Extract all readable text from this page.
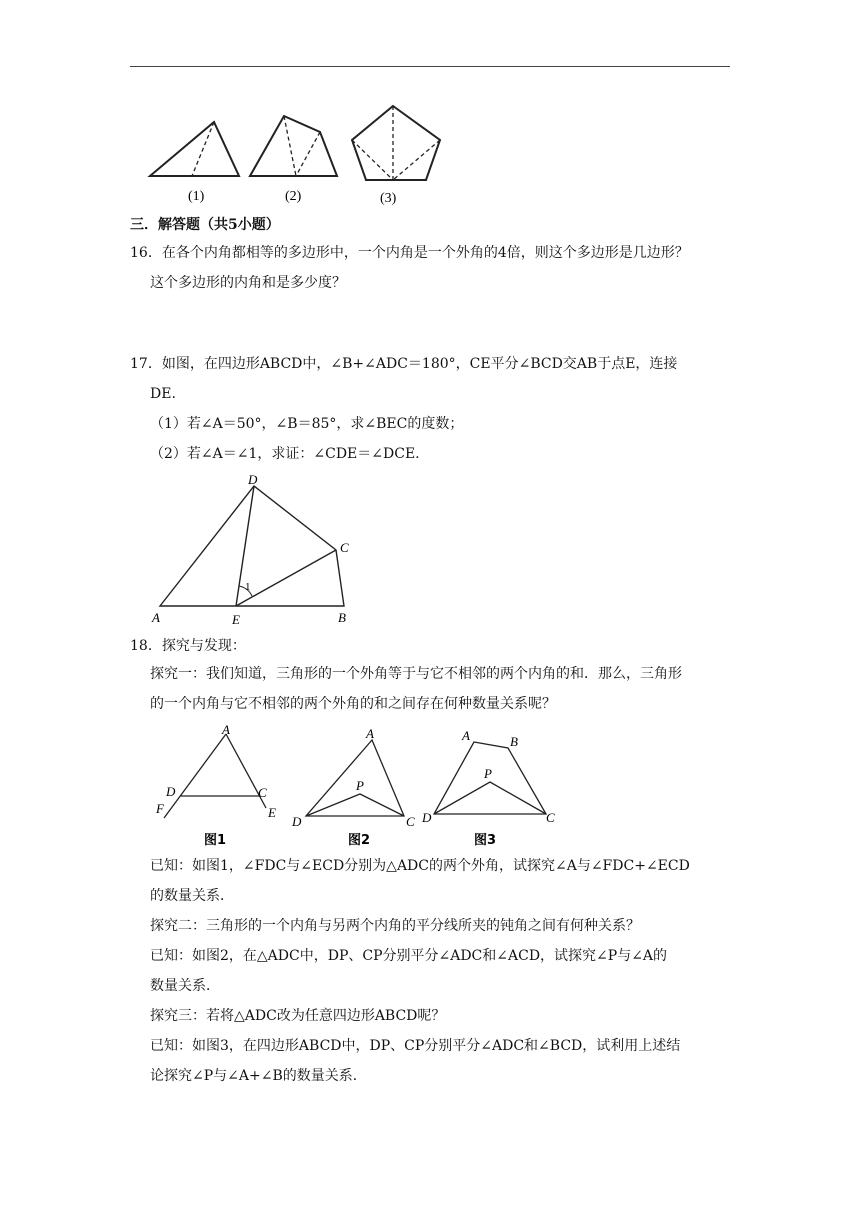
(1)	(2)	(3)
三．解答题（共5小题）
16．在各个内角都相等的多边形中，一个内角是一个外角的4倍，则这个多边形是几边形？
这个多边形的内角和是多少度？
17．如图，在四边形ABCD中，∠B+∠ADC＝180°，CE平分∠BCD交AB于点E，连接
DE.
（1）若∠A＝50°，∠B＝85°，求∠BEC的度数；
（2）若∠A＝∠1，求证：∠CDE＝∠DCE.
D
C
A	E	B
1
18．探究与发现：
探究一：我们知道，三角形的一个外角等于与它不相邻的两个内角的和．那么，三角形
的一个内角与它不相邻的两个外角的和之间存在何种数量关系呢？
A
D	C
F	E
图1
A
P
D	C
图2
A	B
P
D	C
图3
已知：如图1，∠FDC与∠ECD分别为△ADC的两个外角，试探究∠A与∠FDC+∠ECD
的数量关系．
探究二：三角形的一个内角与另两个内角的平分线所夹的钝角之间有何种关系？
已知：如图2，在△ADC中，DP、CP分别平分∠ADC和∠ACD，试探究∠P与∠A的
数量关系．
探究三：若将△ADC改为任意四边形ABCD呢？
已知：如图3，在四边形ABCD中，DP、CP分别平分∠ADC和∠BCD，试利用上述结
论探究∠P与∠A+∠B的数量关系．
